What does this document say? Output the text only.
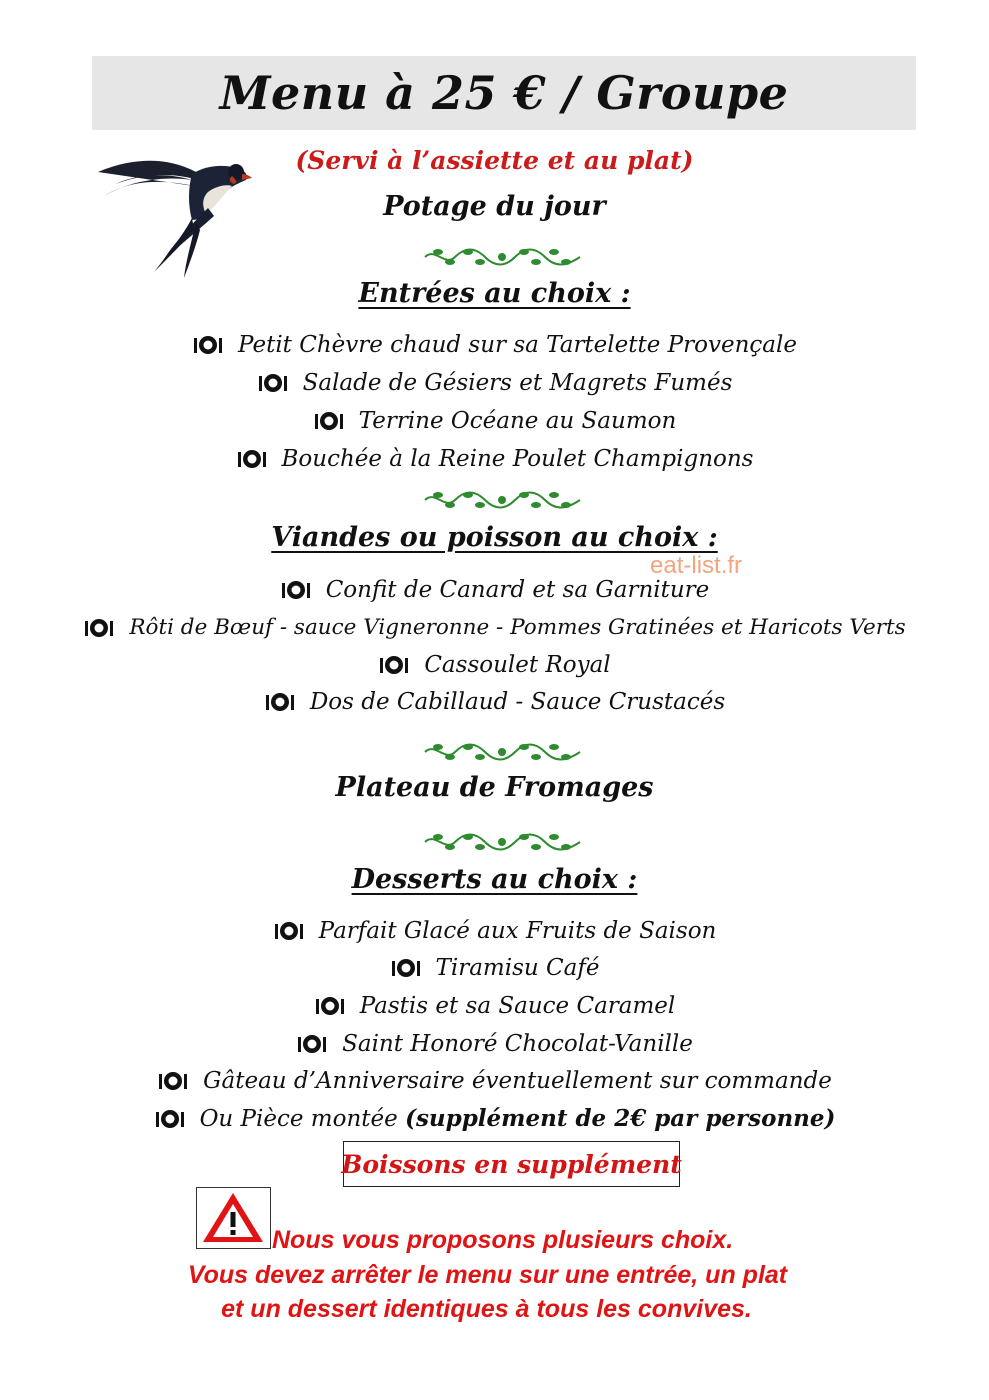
Menu à 25 € / Groupe
(Servi à l’assiette et au plat)
Potage du jour
Entrées au choix :
Petit Chèvre chaud sur sa Tartelette Provençale
Salade de Gésiers et Magrets Fumés
Terrine Océane au Saumon
Bouchée à la Reine Poulet Champignons
Viandes ou poisson au choix :
Confit de Canard et sa Garniture
Rôti de Bœuf - sauce Vigneronne - Pommes Gratinées et Haricots Verts
Cassoulet Royal
Dos de Cabillaud - Sauce Crustacés
Plateau de Fromages
Desserts au choix :
Parfait Glacé aux Fruits de Saison
Tiramisu Café
Pastis et sa Sauce Caramel
Saint Honoré Chocolat-Vanille
Gâteau d’Anniversaire éventuellement sur commande
Ou Pièce montée (supplément de 2€ par personne)
Boissons en supplément
Nous vous proposons plusieurs choix.
Vous devez arrêter le menu sur une entrée, un plat
et un dessert identiques à tous les convives.
eat-list.fr
